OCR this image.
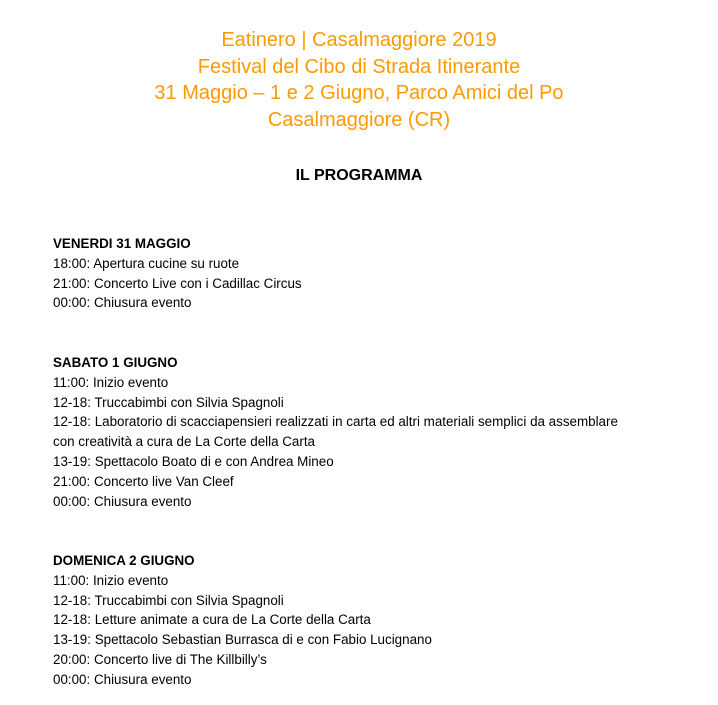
Eatinero | Casalmaggiore 2019
Festival del Cibo di Strada Itinerante
31 Maggio – 1 e 2 Giugno, Parco Amici del Po
Casalmaggiore (CR)
IL PROGRAMMA
VENERDI 31 MAGGIO
18:00: Apertura cucine su ruote
21:00: Concerto Live con i Cadillac Circus
00:00: Chiusura evento
SABATO 1 GIUGNO
11:00: Inizio evento
12-18: Truccabimbi con Silvia Spagnoli
12-18: Laboratorio di scacciapensieri realizzati in carta ed altri materiali semplici da assemblare
con creatività a cura de La Corte della Carta
13-19: Spettacolo Boato di e con Andrea Mineo
21:00: Concerto live Van Cleef
00:00: Chiusura evento
DOMENICA 2 GIUGNO
11:00: Inizio evento
12-18: Truccabimbi con Silvia Spagnoli
12-18: Letture animate a cura de La Corte della Carta
13-19: Spettacolo Sebastian Burrasca di e con Fabio Lucignano
20:00: Concerto live di The Killbilly’s
00:00: Chiusura evento
